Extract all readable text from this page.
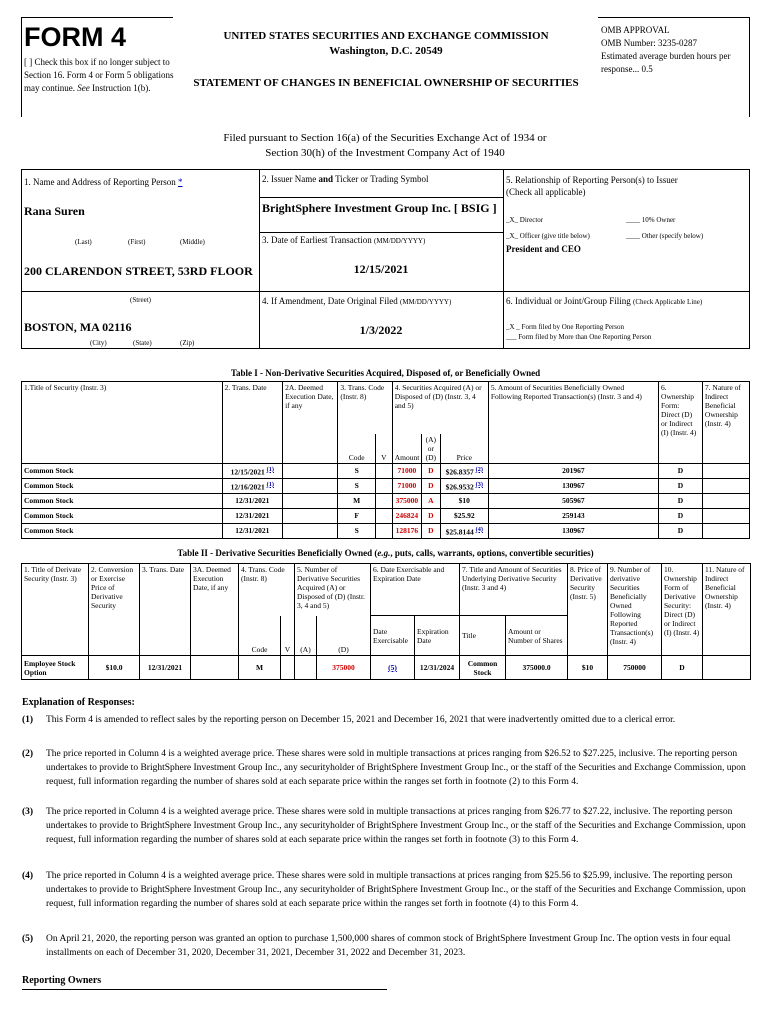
FORM 4
[ ] Check this box if no longer subject to Section 16. Form 4 or Form 5 obligations may continue. See Instruction 1(b).
UNITED STATES SECURITIES AND EXCHANGE COMMISSION
Washington, D.C. 20549
STATEMENT OF CHANGES IN BENEFICIAL OWNERSHIP OF SECURITIES
OMB APPROVAL
OMB Number: 3235-0287
Estimated average burden hours per response... 0.5
Filed pursuant to Section 16(a) of the Securities Exchange Act of 1934 or
Section 30(h) of the Investment Company Act of 1940
1. Name and Address of Reporting Person *
Rana Suren
(Last)	(First)	(Middle)
200 CLARENDON STREET, 53RD FLOOR
(Street)
BOSTON, MA 02116
(City)	(State)	(Zip)
2. Issuer Name and Ticker or Trading Symbol
BrightSphere Investment Group Inc. [ BSIG ]
3. Date of Earliest Transaction (MM/DD/YYYY)
12/15/2021
4. If Amendment, Date Original Filed (MM/DD/YYYY)
1/3/2022
5. Relationship of Reporting Person(s) to Issuer
(Check all applicable)
_X_ Director	____ 10% Owner
_X_ Officer (give title below)	____ Other (specify below)
President and CEO
6. Individual or Joint/Group Filing (Check Applicable Line)
_X _ Form filed by One Reporting Person
___ Form filed by More than One Reporting Person
Table I - Non-Derivative Securities Acquired, Disposed of, or Beneficially Owned
1.Title of Security (Instr. 3)	2. Trans. Date	2A. Deemed Execution Date, if any	3. Trans. Code (Instr. 8)		4. Securities Acquired (A) or Disposed of (D) (Instr. 3, 4 and 5)			5. Amount of Securities Beneficially Owned Following Reported Transaction(s) (Instr. 3 and 4)	6. Ownership Form: Direct (D) or Indirect (I) (Instr. 4)	7. Nature of Indirect Beneficial Ownership (Instr. 4)
			Code	V	Amount	(A) or (D)	Price			
Common Stock	12/15/2021 $^{(1)}$		S		71000	D	$26.8357 $^{(2)}$	201967	D	
Common Stock	12/16/2021 $^{(1)}$		S		71000	D	$26.9532 $^{(3)}$	130967	D	
Common Stock	12/31/2021		M		375000	A	$10	505967	D	
Common Stock	12/31/2021		F		246824	D	$25.92	259143	D	
Common Stock	12/31/2021		S		128176	D	$25.8144 $^{(4)}$	130967	D	
Table II - Derivative Securities Beneficially Owned (e.g., puts, calls, warrants, options, convertible securities)
1. Title of Derivate Security (Instr. 3)	2. Conversion or Exercise Price of Derivative Security	3. Trans. Date	3A. Deemed Execution Date, if any	4. Trans. Code (Instr. 8)		5. Number of Derivative Securities Acquired (A) or Disposed of (D) (Instr. 3, 4 and 5)		6. Date Exercisable and Expiration Date		7. Title and Amount of Securities Underlying Derivative Security (Instr. 3 and 4)		8. Price of Derivative Security (Instr. 5)	9. Number of derivative Securities Beneficially Owned Following Reported Transaction(s) (Instr. 4)	10. Ownership Form of Derivative Security: Direct (D) or Indirect (I) (Instr. 4)	11. Nature of Indirect Beneficial Ownership (Instr. 4)
				Code	V	(A)	(D)	Date Exercisable	Expiration Date	Title	Amount or Number of Shares				
Employee Stock Option	$10.0	12/31/2021		M			375000	(5)	12/31/2024	Common Stock	375000.0	$10	750000	D	
Explanation of Responses:
(1) This Form 4 is amended to reflect sales by the reporting person on December 15, 2021 and December 16, 2021 that were inadvertently omitted due to a clerical error.
(2) The price reported in Column 4 is a weighted average price. These shares were sold in multiple transactions at prices ranging from $26.52 to $27.225, inclusive. The reporting person undertakes to provide to BrightSphere Investment Group Inc., any securityholder of BrightSphere Investment Group Inc., or the staff of the Securities and Exchange Commission, upon request, full information regarding the number of shares sold at each separate price within the ranges set forth in footnote (2) to this Form 4.
(3) The price reported in Column 4 is a weighted average price. These shares were sold in multiple transactions at prices ranging from $26.77 to $27.22, inclusive. The reporting person undertakes to provide to BrightSphere Investment Group Inc., any securityholder of BrightSphere Investment Group Inc., or the staff of the Securities and Exchange Commission, upon request, full information regarding the number of shares sold at each separate price within the ranges set forth in footnote (3) to this Form 4.
(4) The price reported in Column 4 is a weighted average price. These shares were sold in multiple transactions at prices ranging from $25.56 to $25.99, inclusive. The reporting person undertakes to provide to BrightSphere Investment Group Inc., any securityholder of BrightSphere Investment Group Inc., or the staff of the Securities and Exchange Commission, upon request, full information regarding the number of shares sold at each separate price within the ranges set forth in footnote (4) to this Form 4.
(5) On April 21, 2020, the reporting person was granted an option to purchase 1,500,000 shares of common stock of BrightSphere Investment Group Inc. The option vests in four equal installments on each of December 31, 2020, December 31, 2021, December 31, 2022 and December 31, 2023.
Reporting Owners
